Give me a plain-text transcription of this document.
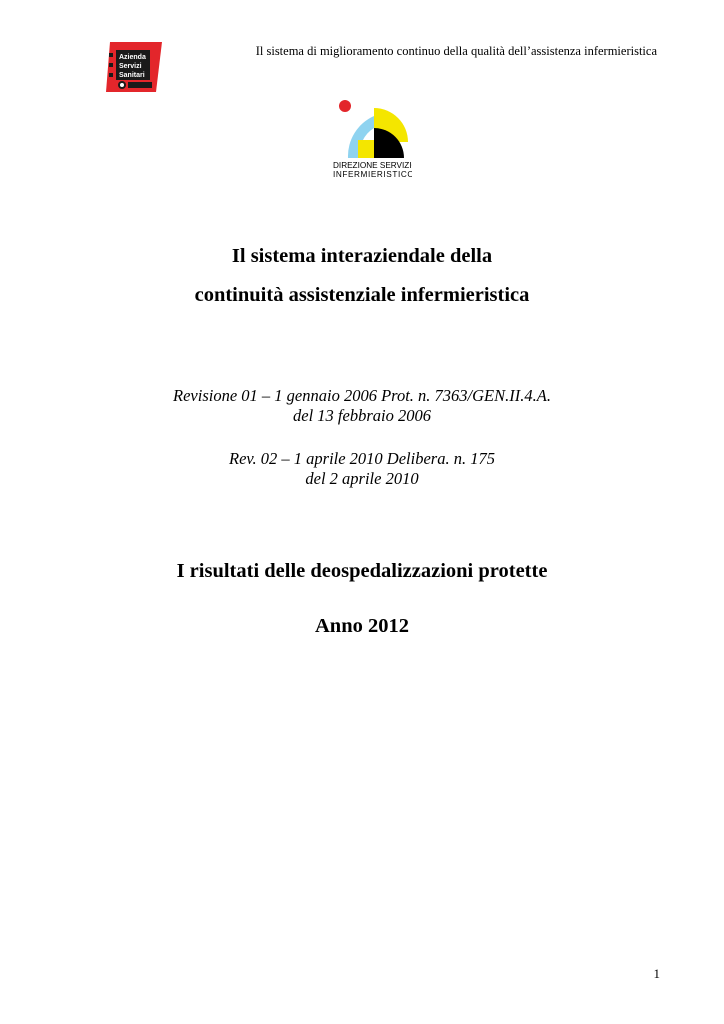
Azienda
Servizi
Sanitari
Il sistema di miglioramento continuo della qualità dell’assistenza infermieristica
DIREZIONE SERVIZIO
INFERMIERISTICO
Il sistema interaziendale della
continuità assistenziale infermieristica
Revisione 01 – 1 gennaio 2006 Prot. n. 7363/GEN.II.4.A.
del 13 febbraio 2006
Rev. 02 – 1 aprile 2010 Delibera. n. 175
del 2 aprile 2010
I risultati delle deospedalizzazioni protette
Anno 2012
1
